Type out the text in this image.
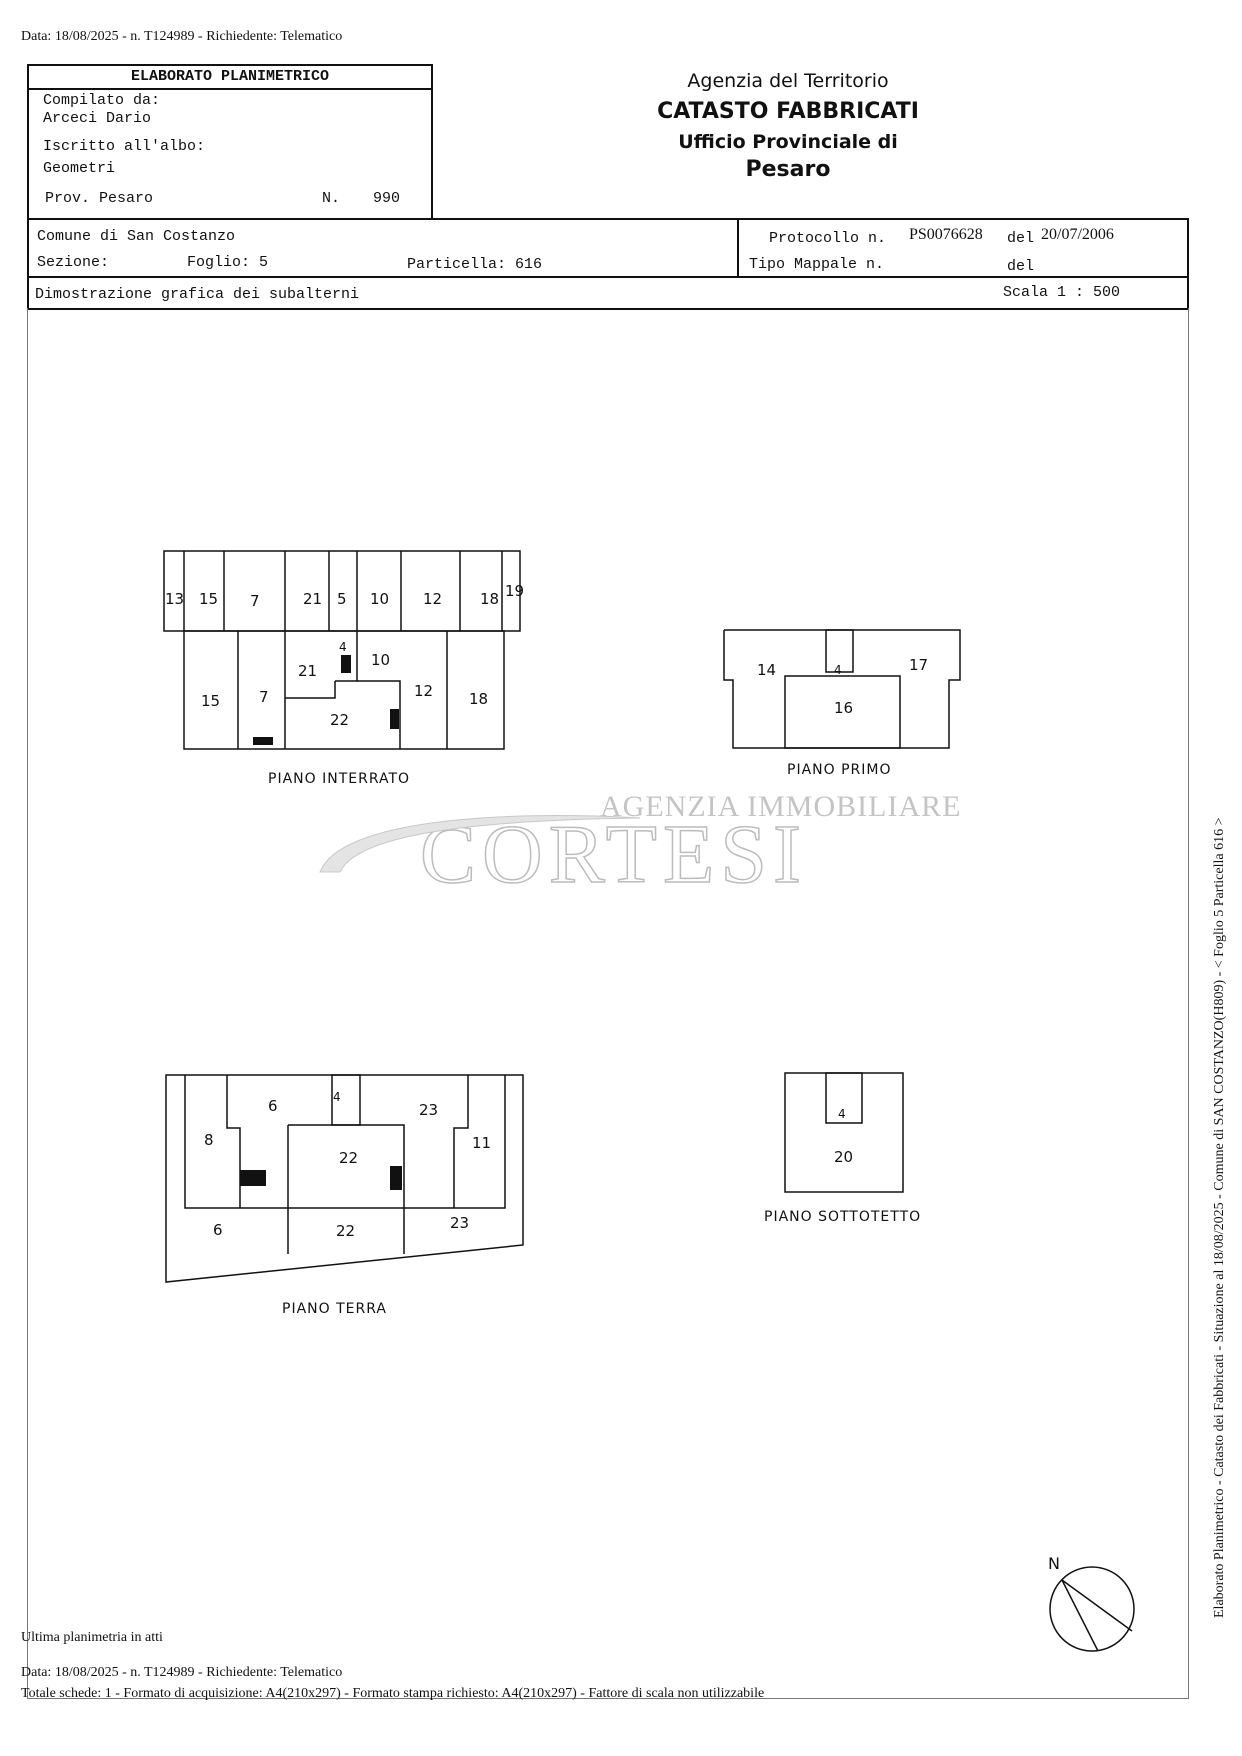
Data: 18/08/2025 - n. T124989 - Richiedente: Telematico
ELABORATO PLANIMETRICO
Compilato da:
Arceci Dario
Iscritto all'albo:
Geometri
Prov. Pesaro	N. 990
Agenzia del Territorio
CATASTO FABBRICATI
Ufficio Provinciale di
Pesaro
Comune di San Costanzo
Sezione:	Foglio: 5	Particella: 616
Protocollo n. PS0076628 del 20/07/2006
Tipo Mappale n.	del
Dimostrazione grafica dei subalterni	Scala 1 : 500
13 15 7	21 5 10 12	18 19
15	7
21
4
10
22
12 18
PIANO INTERRATO
14	4	17
16
PIANO PRIMO
AGENZIA IMMOBILIARE
CORTESI
6	4
23
8
22
11
6	22	23
PIANO TERRA
4
20
PIANO SOTTOTETTO
N	Elaborato Planimetrico - Catasto dei Fabbricati - Situazione al 18/08/2025 - Comune di SAN COSTANZO(H809) - < Foglio 5 Particella 616 >
Ultima planimetria in atti
Data: 18/08/2025 - n. T124989 - Richiedente: Telematico
Totale schede: 1 - Formato di acquisizione: A4(210x297) - Formato stampa richiesto: A4(210x297) - Fattore di scala non utilizzabile
